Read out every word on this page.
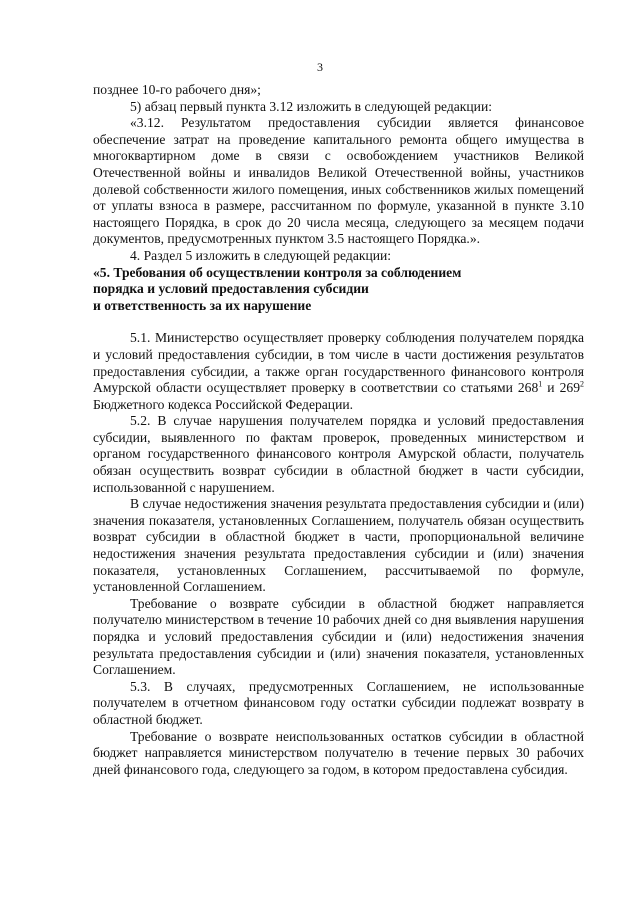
3

позднее 10-го рабочего дня»;

5) абзац первый пункта 3.12 изложить в следующей редакции:

«3.12. Результатом предоставления субсидии является финансовое обеспечение затрат на проведение капитального ремонта общего имущества в многоквартирном доме в связи с освобождением участников Великой Отечественной войны и инвалидов Великой Отечественной войны, участников долевой собственности жилого помещения, иных собственников жилых помещений от уплаты взноса в размере, рассчитанном по формуле, указанной в пункте 3.10 настоящего Порядка, в срок до 20 числа месяца, следующего за месяцем подачи документов, предусмотренных пунктом 3.5 настоящего Порядка.».

4. Раздел 5 изложить в следующей редакции:

«5. Требования об осуществлении контроля за соблюдением

порядка и условий предоставления субсидии

и ответственность за их нарушение

5.1. Министерство осуществляет проверку соблюдения получателем порядка и условий предоставления субсидии, в том числе в части достижения результатов предоставления субсидии, а также орган государственного финансового контроля Амурской области осуществляет проверку в соответствии со статьями $268^1$ и $269^2$ Бюджетного кодекса Российской Федерации.

5.2. В случае нарушения получателем порядка и условий предоставления субсидии, выявленного по фактам проверок, проведенных министерством и органом государственного финансового контроля Амурской области, получатель обязан осуществить возврат субсидии в областной бюджет в части субсидии, использованной с нарушением.

В случае недостижения значения результата предоставления субсидии и (или) значения показателя, установленных Соглашением, получатель обязан осуществить возврат субсидии в областной бюджет в части, пропорциональной величине недостижения значения результата предоставления субсидии и (или) значения показателя, установленных Соглашением, рассчитываемой по формуле, установленной Соглашением.

Требование о возврате субсидии в областной бюджет направляется получателю министерством в течение 10 рабочих дней со дня выявления нарушения порядка и условий предоставления субсидии и (или) недостижения значения результата предоставления субсидии и (или) значения показателя, установленных Соглашением.

5.3. В случаях, предусмотренных Соглашением, не использованные получателем в отчетном финансовом году остатки субсидии подлежат возврату в областной бюджет.

Требование о возврате неиспользованных остатков субсидии в областной бюджет направляется министерством получателю в течение первых 30 рабочих дней финансового года, следующего за годом, в котором предоставлена субсидия.
